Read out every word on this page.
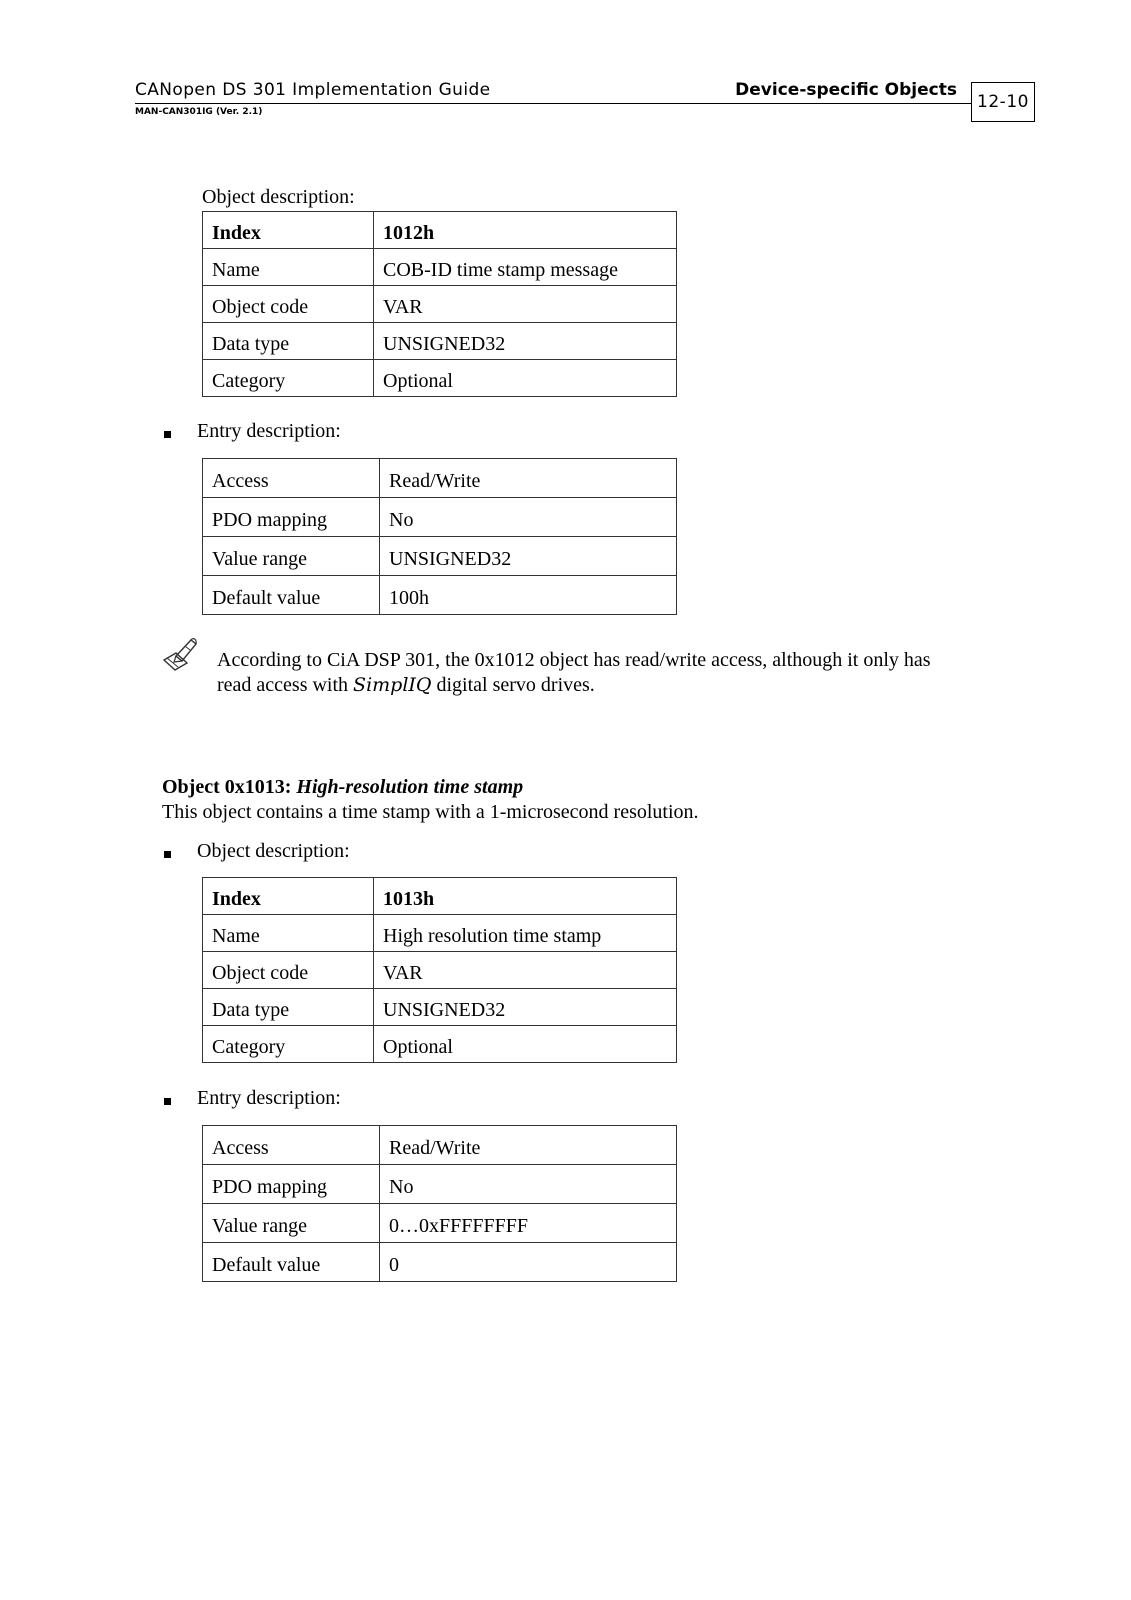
CANopen DS 301 Implementation Guide	Device-specific Objects
MAN-CAN301IG (Ver. 2.1)	12-10
Object description:
Index	1012h
Name	COB-ID time stamp message
Object code	VAR
Data type	UNSIGNED32
Category	Optional
Entry description:
Access	Read/Write
PDO mapping	No
Value range	UNSIGNED32
Default value	100h
According to CiA DSP 301, the 0x1012 object has read/write access, although it only has read access with SimplIQ digital servo drives.
Object 0x1013: High-resolution time stamp
This object contains a time stamp with a 1-microsecond resolution.
Object description:
Index	1013h
Name	High resolution time stamp
Object code	VAR
Data type	UNSIGNED32
Category	Optional
Entry description:
Access	Read/Write
PDO mapping	No
Value range	0…0xFFFFFFFF
Default value	0
